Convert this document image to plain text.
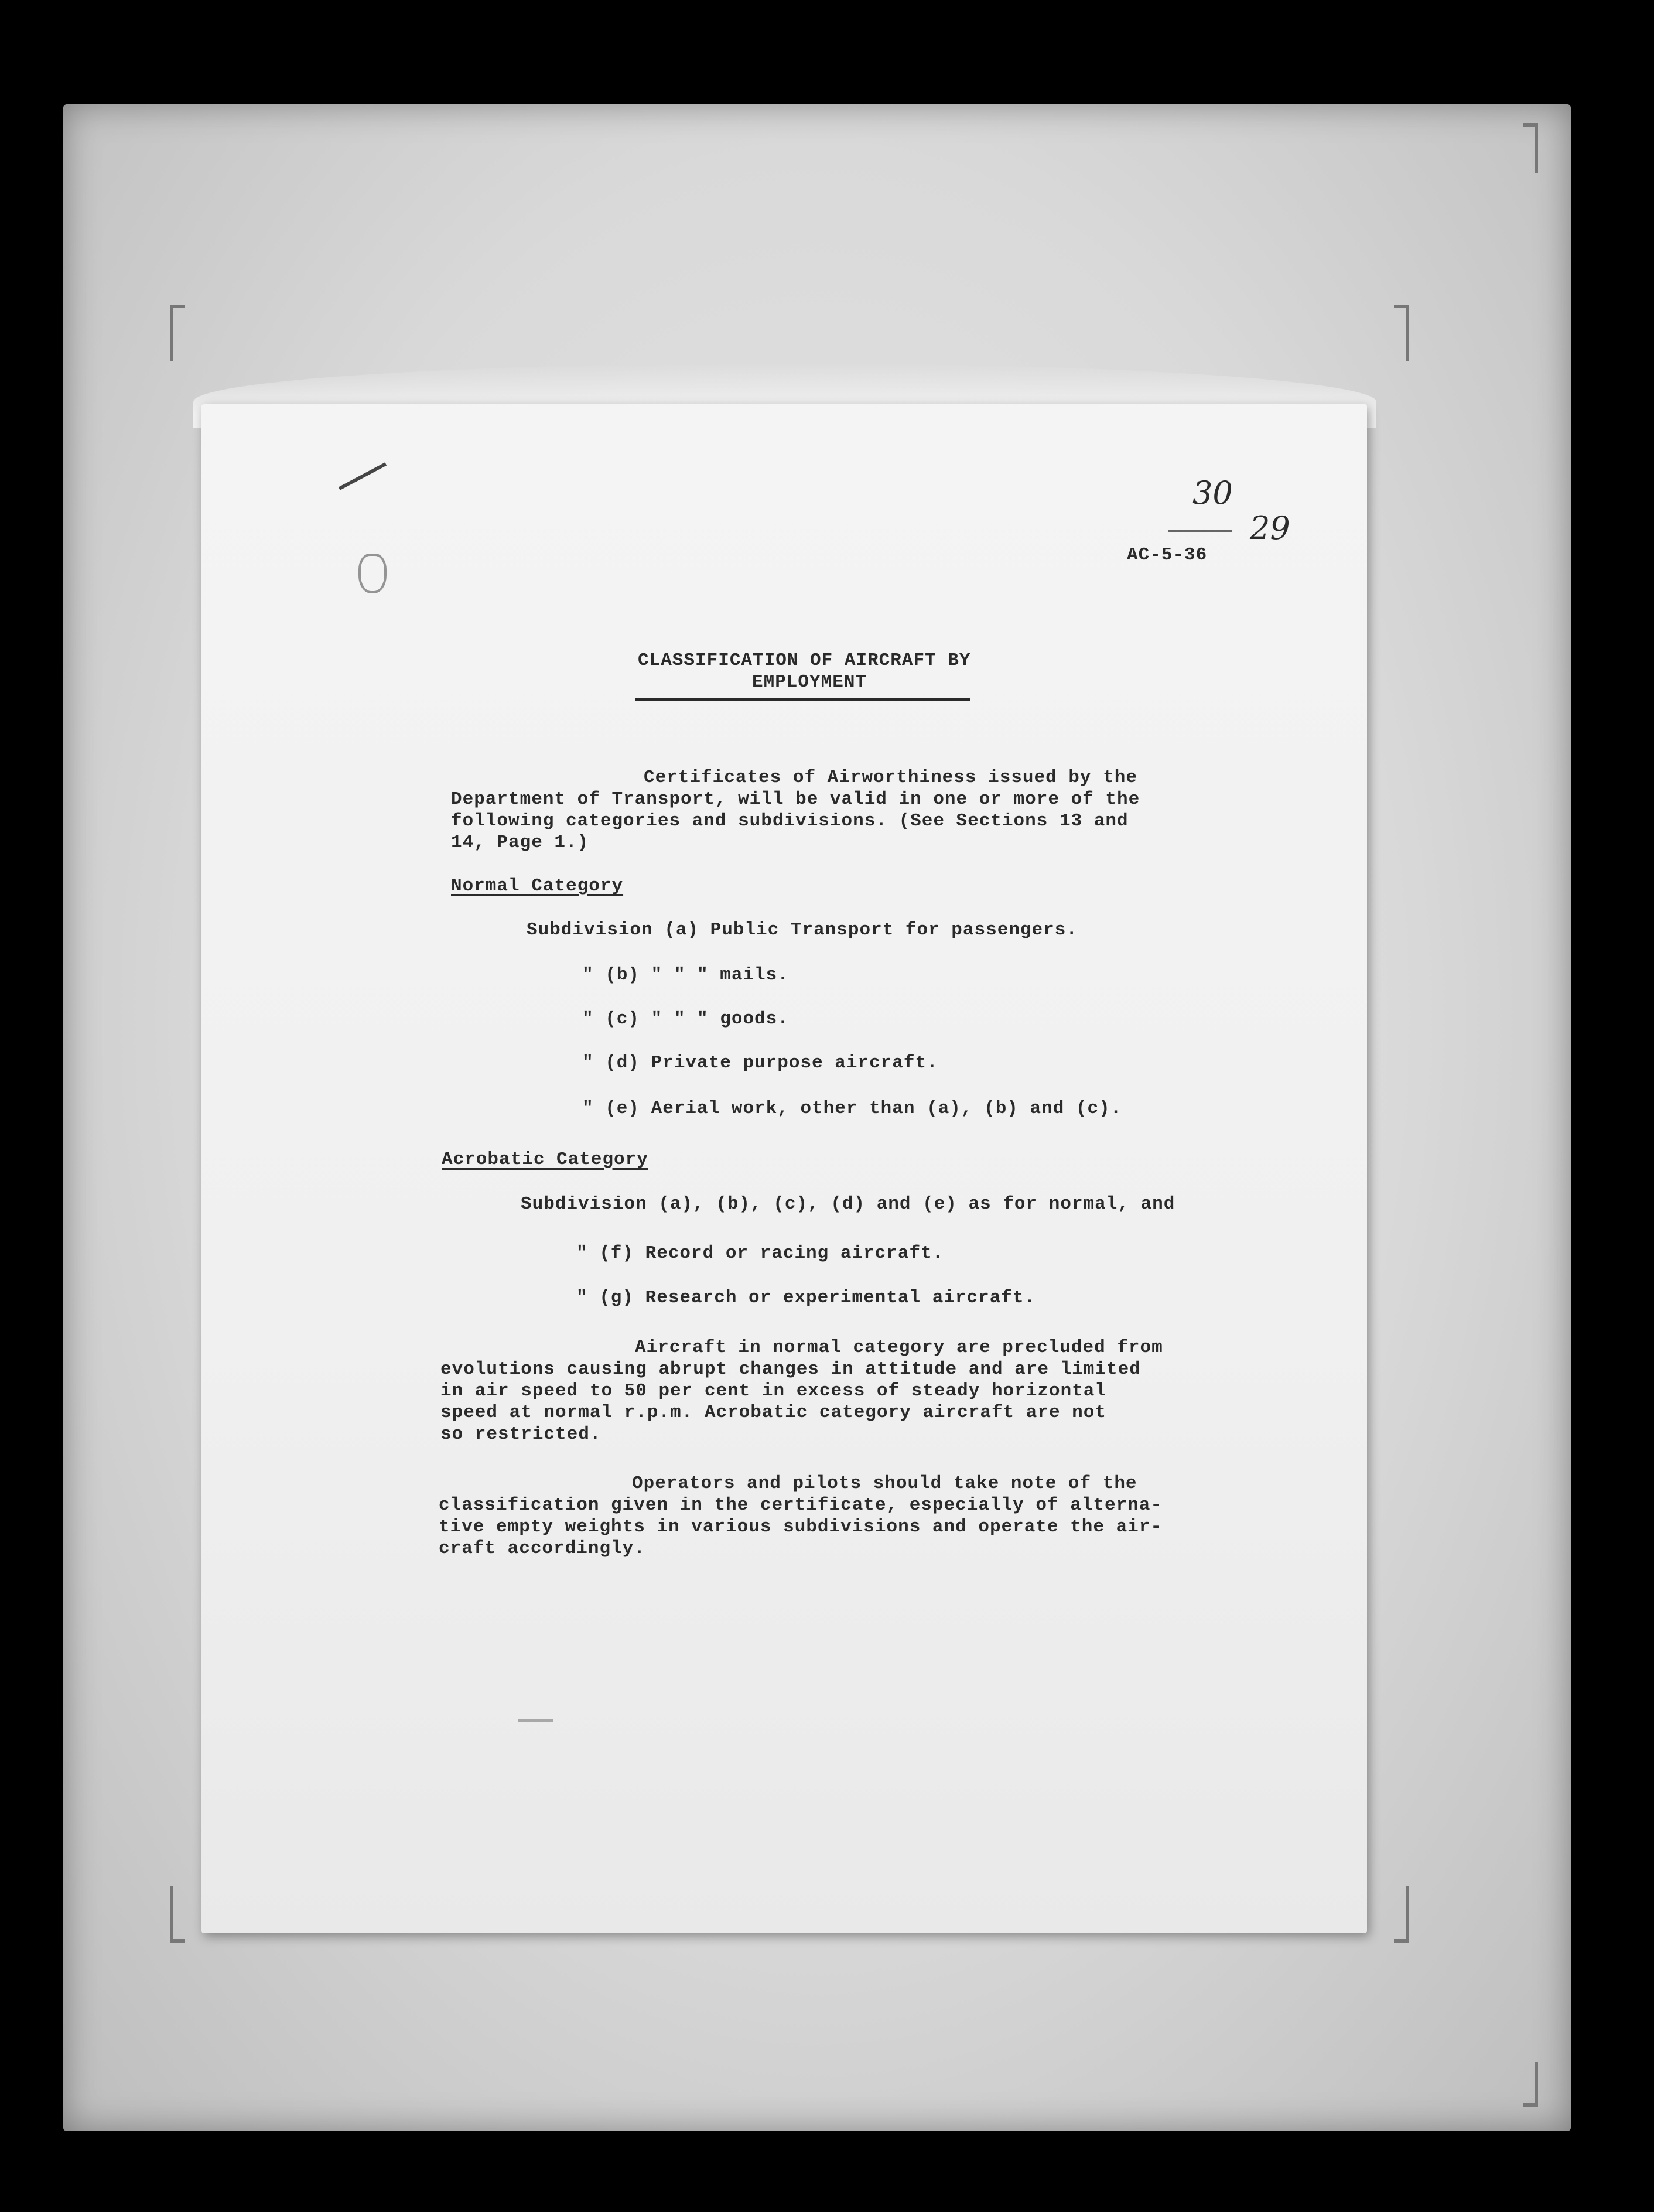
30
29
AC-5-36
CLASSIFICATION OF AIRCRAFT BY
EMPLOYMENT
Certificates of Airworthiness issued by the
Department of Transport, will be valid in one or more of the
following categories and subdivisions. (See Sections 13 and
14, Page 1.)
Normal Category
Subdivision (a) Public Transport for passengers.
" (b) " " " mails.
" (c) " " " goods.
" (d) Private purpose aircraft.
" (e) Aerial work, other than (a), (b) and (c).
Acrobatic Category
Subdivision (a), (b), (c), (d) and (e) as for normal, and
" (f) Record or racing aircraft.
" (g) Research or experimental aircraft.
Aircraft in normal category are precluded from
evolutions causing abrupt changes in attitude and are limited
in air speed to 50 per cent in excess of steady horizontal
speed at normal r.p.m. Acrobatic category aircraft are not
so restricted.
Operators and pilots should take note of the
classification given in the certificate, especially of alterna-
tive empty weights in various subdivisions and operate the air-
craft accordingly.
